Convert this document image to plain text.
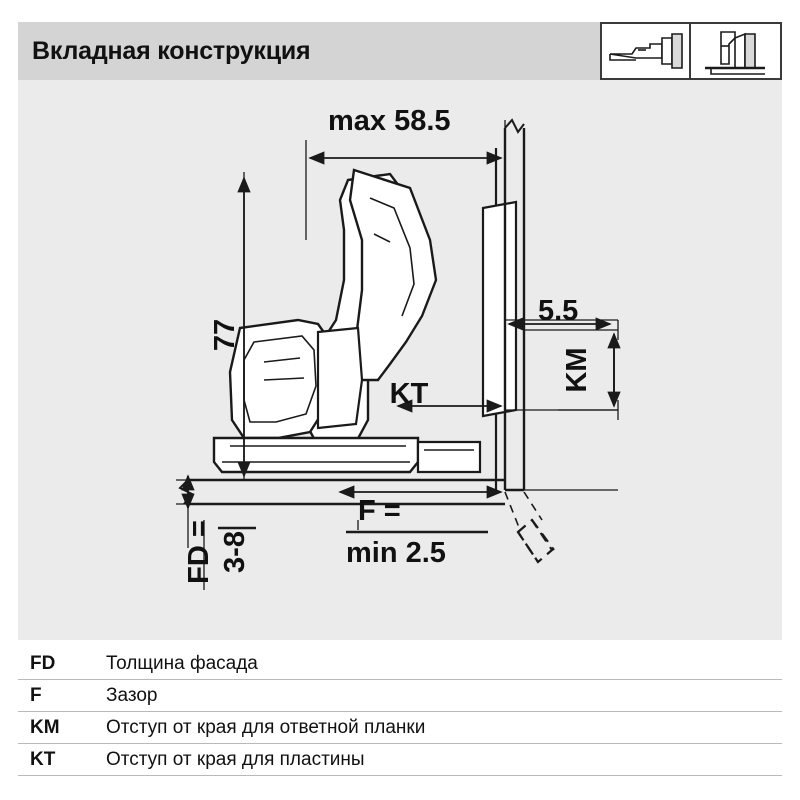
Вкладная конструкция
max 58.5
77
5.5
KM
KT
FD = 3-8
F =
min 2.5
FD	Толщина фасада
F	Зазор
KM	Отступ от края для ответной планки
KT	Отступ от края для пластины
